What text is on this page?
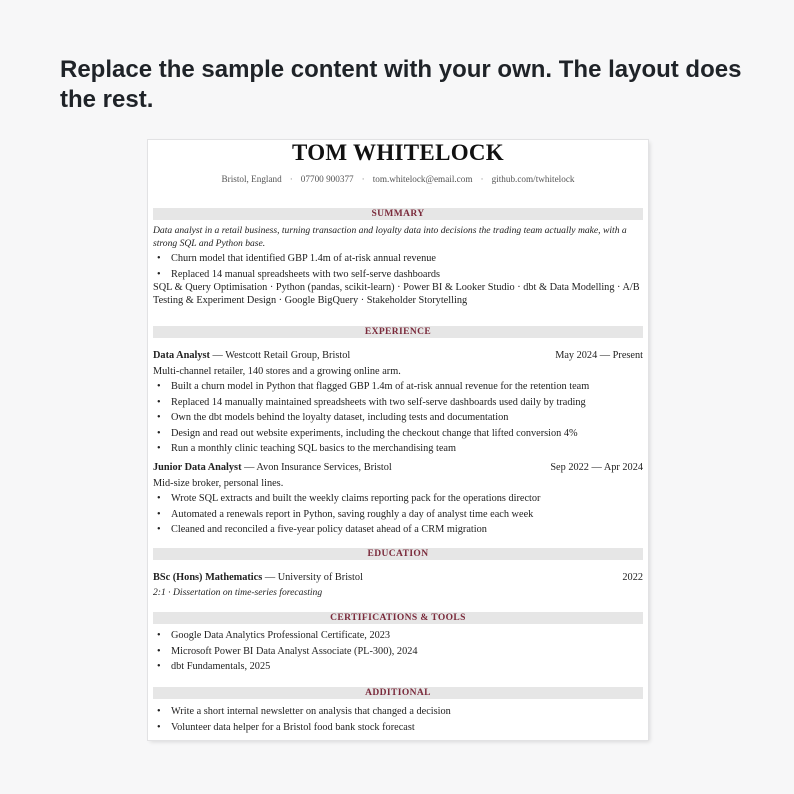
Replace the sample content with your own. The layout does the rest.
TOM WHITELOCK
Bristol, England · 07700 900377 · tom.whitelock@email.com · github.com/twhitelock
SUMMARY
Data analyst in a retail business, turning transaction and loyalty data into decisions the trading team actually make, with a strong SQL and Python base.
• Churn model that identified GBP 1.4m of at-risk annual revenue
• Replaced 14 manual spreadsheets with two self-serve dashboards
SQL & Query Optimisation · Python (pandas, scikit-learn) · Power BI & Looker Studio · dbt & Data Modelling · A/B Testing & Experiment Design · Google BigQuery · Stakeholder Storytelling
EXPERIENCE
Data Analyst — Westcott Retail Group, Bristol	May 2024 — Present
Multi-channel retailer, 140 stores and a growing online arm.
• Built a churn model in Python that flagged GBP 1.4m of at-risk annual revenue for the retention team
• Replaced 14 manually maintained spreadsheets with two self-serve dashboards used daily by trading
• Own the dbt models behind the loyalty dataset, including tests and documentation
• Design and read out website experiments, including the checkout change that lifted conversion 4%
• Run a monthly clinic teaching SQL basics to the merchandising team
Junior Data Analyst — Avon Insurance Services, Bristol	Sep 2022 — Apr 2024
Mid-size broker, personal lines.
• Wrote SQL extracts and built the weekly claims reporting pack for the operations director
• Automated a renewals report in Python, saving roughly a day of analyst time each week
• Cleaned and reconciled a five-year policy dataset ahead of a CRM migration
EDUCATION
BSc (Hons) Mathematics — University of Bristol	2022
2:1 · Dissertation on time-series forecasting
CERTIFICATIONS & TOOLS
• Google Data Analytics Professional Certificate, 2023
• Microsoft Power BI Data Analyst Associate (PL-300), 2024
• dbt Fundamentals, 2025
ADDITIONAL
• Write a short internal newsletter on analysis that changed a decision
• Volunteer data helper for a Bristol food bank stock forecast
